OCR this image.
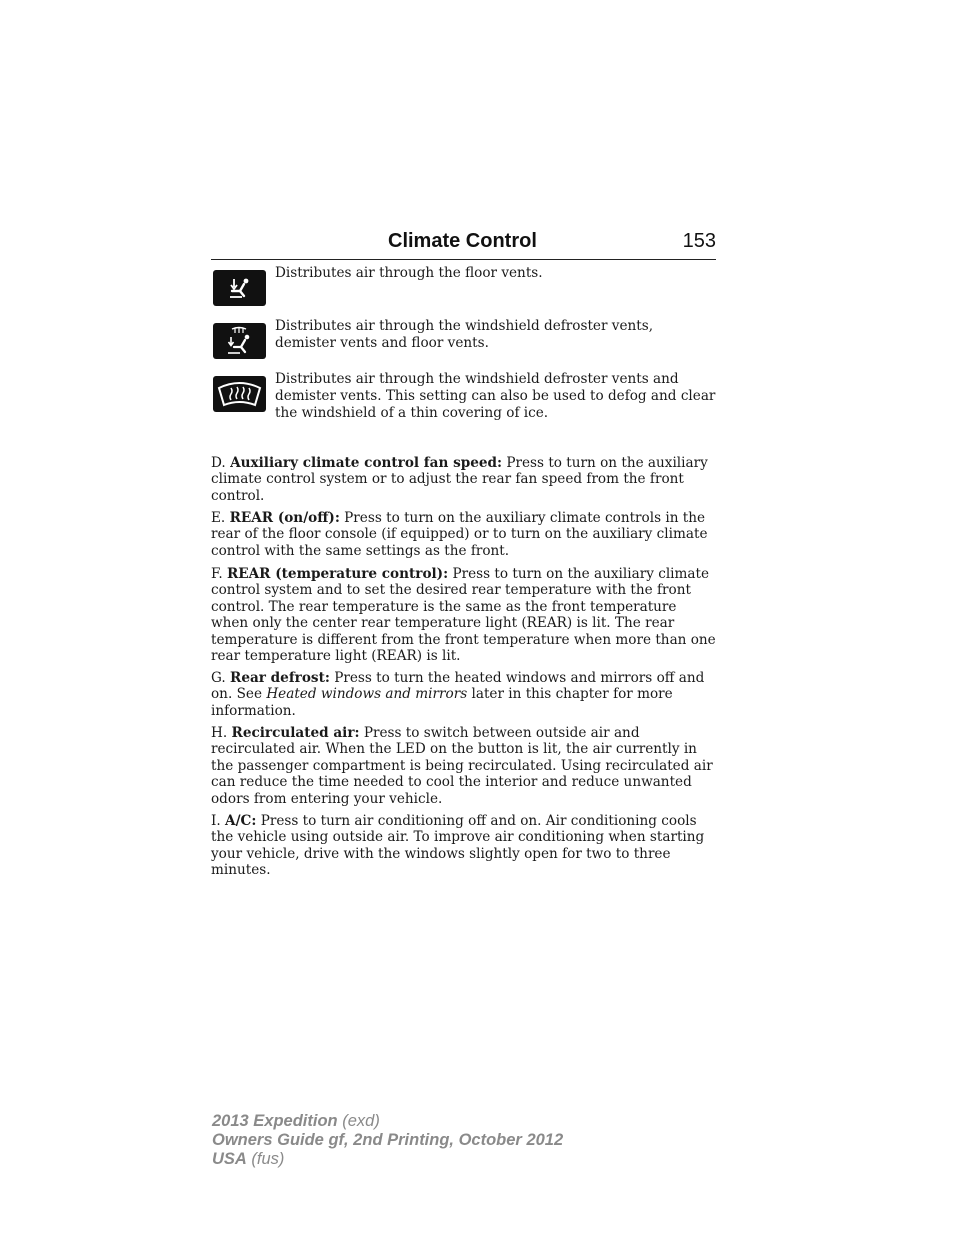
Climate Control	153
Distributes air through the floor vents.
Distributes air through the windshield defroster vents, demister vents and floor vents.
Distributes air through the windshield defroster vents and demister vents. This setting can also be used to defog and clear the windshield of a thin covering of ice.
D. Auxiliary climate control fan speed: Press to turn on the auxiliary climate control system or to adjust the rear fan speed from the front control.
E. REAR (on/off): Press to turn on the auxiliary climate controls in the rear of the floor console (if equipped) or to turn on the auxiliary climate control with the same settings as the front.
F. REAR (temperature control): Press to turn on the auxiliary climate control system and to set the desired rear temperature with the front control. The rear temperature is the same as the front temperature when only the center rear temperature light (REAR) is lit. The rear temperature is different from the front temperature when more than one rear temperature light (REAR) is lit.
G. Rear defrost: Press to turn the heated windows and mirrors off and on. See Heated windows and mirrors later in this chapter for more information.
H. Recirculated air: Press to switch between outside air and recirculated air. When the LED on the button is lit, the air currently in the passenger compartment is being recirculated. Using recirculated air can reduce the time needed to cool the interior and reduce unwanted odors from entering your vehicle.
I. A/C: Press to turn air conditioning off and on. Air conditioning cools the vehicle using outside air. To improve air conditioning when starting your vehicle, drive with the windows slightly open for two to three minutes.
2013 Expedition (exd)
Owners Guide gf, 2nd Printing, October 2012
USA (fus)
